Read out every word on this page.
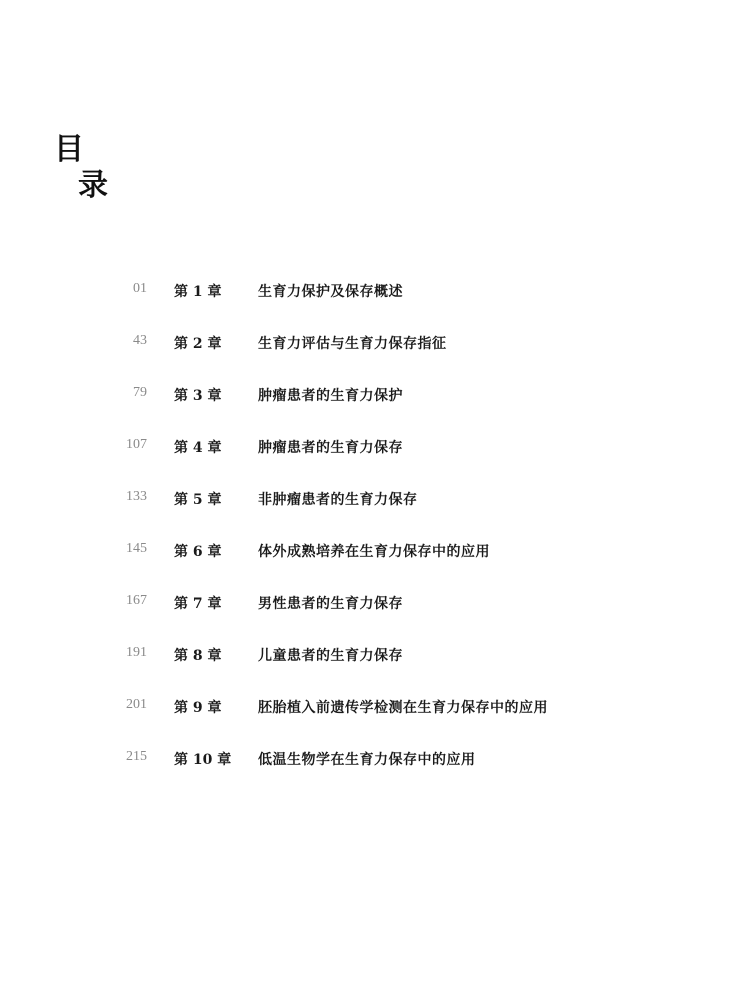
目
录
01 第 1 章	生育力保护及保存概述
43 第 2 章	生育力评估与生育力保存指征
79 第 3 章	肿瘤患者的生育力保护
107 第 4 章	肿瘤患者的生育力保存
133 第 5 章	非肿瘤患者的生育力保存
145 第 6 章	体外成熟培养在生育力保存中的应用
167 第 7 章	男性患者的生育力保存
191 第 8 章	儿童患者的生育力保存
201 第 9 章	胚胎植入前遗传学检测在生育力保存中的应用
215 第 10 章 低温生物学在生育力保存中的应用
